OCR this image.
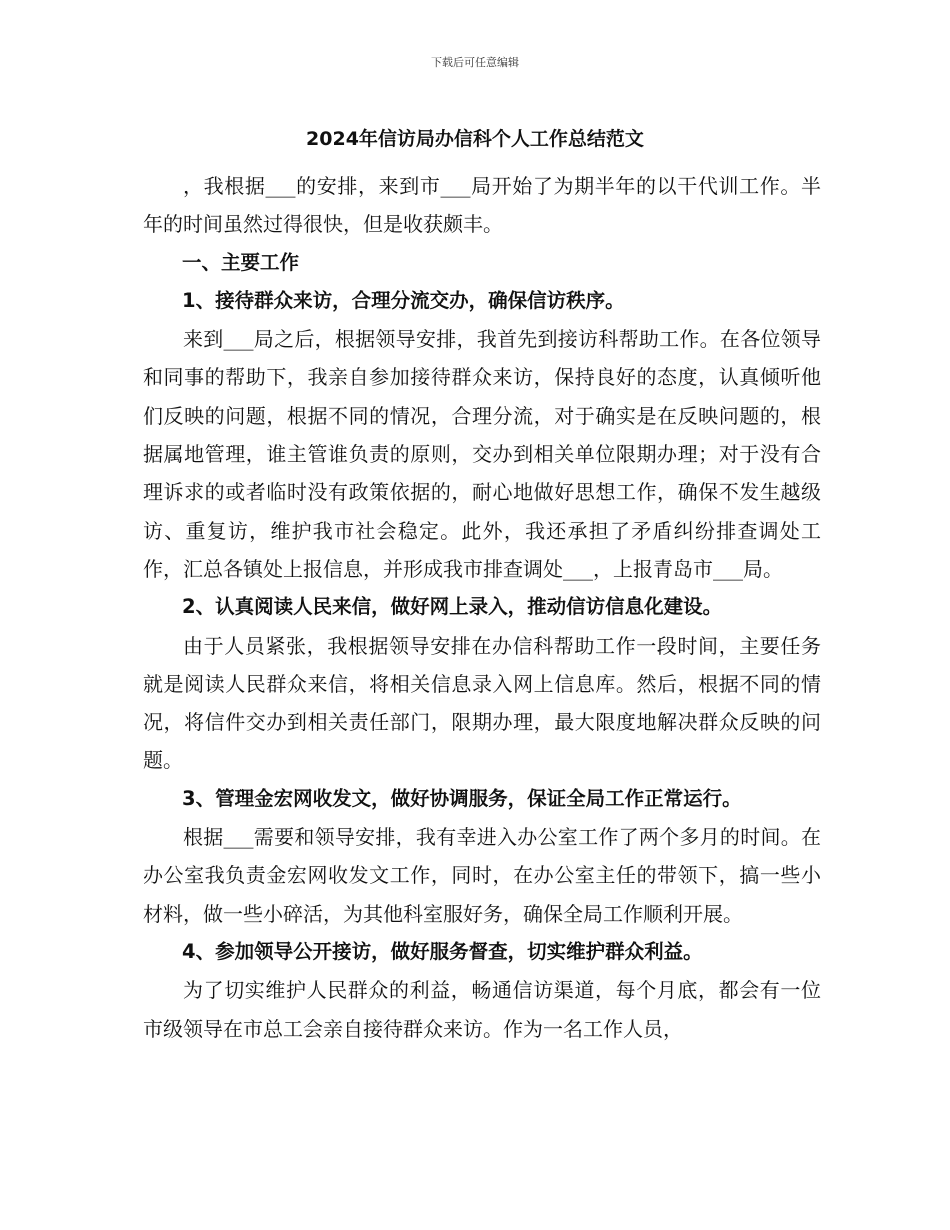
下载后可任意编辑
2024年信访局办信科个人工作总结范文

，我根据___的安排，来到市___局开始了为期半年的以干代训工作。半年的时间虽然过得很快，但是收获颇丰。

一、主要工作

1、接待群众来访，合理分流交办，确保信访秩序。

来到___局之后，根据领导安排，我首先到接访科帮助工作。在各位领导和同事的帮助下，我亲自参加接待群众来访，保持良好的态度，认真倾听他们反映的问题，根据不同的情况，合理分流，对于确实是在反映问题的，根据属地管理，谁主管谁负责的原则，交办到相关单位限期办理；对于没有合理诉求的或者临时没有政策依据的，耐心地做好思想工作，确保不发生越级访、重复访，维护我市社会稳定。此外，我还承担了矛盾纠纷排查调处工作，汇总各镇处上报信息，并形成我市排查调处___，上报青岛市___局。

2、认真阅读人民来信，做好网上录入，推动信访信息化建设。

由于人员紧张，我根据领导安排在办信科帮助工作一段时间，主要任务就是阅读人民群众来信，将相关信息录入网上信息库。然后，根据不同的情况，将信件交办到相关责任部门，限期办理，最大限度地解决群众反映的问题。

3、管理金宏网收发文，做好协调服务，保证全局工作正常运行。

根据___需要和领导安排，我有幸进入办公室工作了两个多月的时间。在办公室我负责金宏网收发文工作，同时，在办公室主任的带领下，搞一些小材料，做一些小碎活，为其他科室服好务，确保全局工作顺利开展。

4、参加领导公开接访，做好服务督查，切实维护群众利益。

为了切实维护人民群众的利益，畅通信访渠道，每个月底，都会有一位市级领导在市总工会亲自接待群众来访。作为一名工作人员，
